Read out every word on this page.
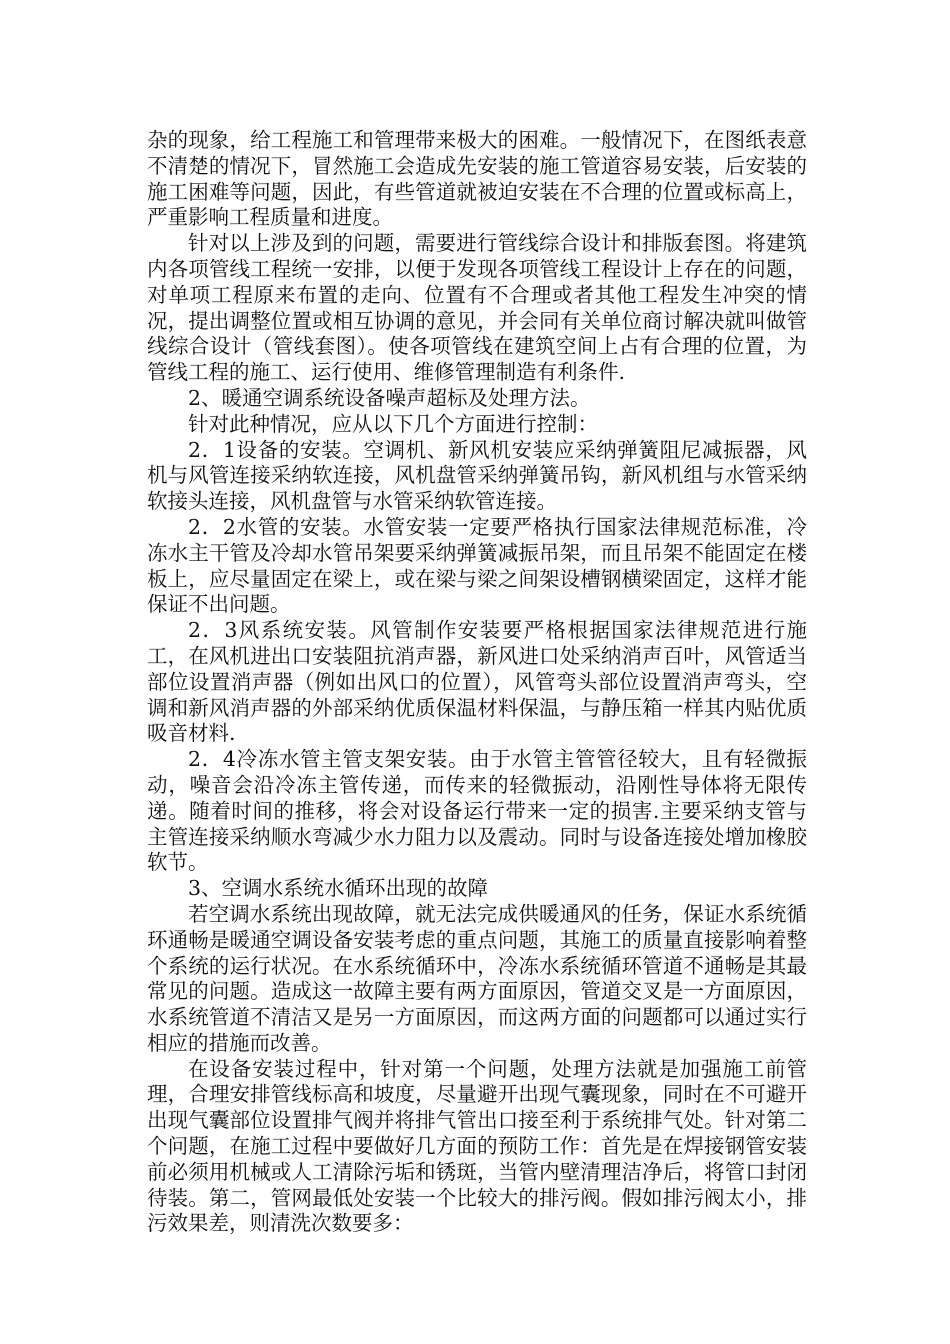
杂的现象，给工程施工和管理带来极大的困难。一般情况下，在图纸表意不清楚的情况下，冒然施工会造成先安装的施工管道容易安装，后安装的施工困难等问题，因此，有些管道就被迫安装在不合理的位置或标高上，严重影响工程质量和进度。

针对以上涉及到的问题，需要进行管线综合设计和排版套图。将建筑内各项管线工程统一安排，以便于发现各项管线工程设计上存在的问题，对单项工程原来布置的走向、位置有不合理或者其他工程发生冲突的情况，提出调整位置或相互协调的意见，并会同有关单位商讨解决就叫做管线综合设计（管线套图）。使各项管线在建筑空间上占有合理的位置，为管线工程的施工、运行使用、维修管理制造有利条件.

2、暖通空调系统设备噪声超标及处理方法。

针对此种情况，应从以下几个方面进行控制：

2．1设备的安装。空调机、新风机安装应采纳弹簧阻尼减振器，风机与风管连接采纳软连接，风机盘管采纳弹簧吊钩，新风机组与水管采纳软接头连接，风机盘管与水管采纳软管连接。

2．2水管的安装。水管安装一定要严格执行国家法律规范标准，冷冻水主干管及冷却水管吊架要采纳弹簧减振吊架，而且吊架不能固定在楼板上，应尽量固定在梁上，或在梁与梁之间架设槽钢横梁固定，这样才能保证不出问题。

2．3风系统安装。风管制作安装要严格根据国家法律规范进行施工，在风机进出口安装阻抗消声器，新风进口处采纳消声百叶，风管适当部位设置消声器（例如出风口的位置），风管弯头部位设置消声弯头，空调和新风消声器的外部采纳优质保温材料保温，与静压箱一样其内贴优质吸音材料.

2．4冷冻水管主管支架安装。由于水管主管管径较大，且有轻微振动，噪音会沿冷冻主管传递，而传来的轻微振动，沿刚性导体将无限传递。随着时间的推移，将会对设备运行带来一定的损害.主要采纳支管与主管连接采纳顺水弯减少水力阻力以及震动。同时与设备连接处增加橡胶软节。

3、空调水系统水循环出现的故障

若空调水系统出现故障，就无法完成供暖通风的任务，保证水系统循环通畅是暖通空调设备安装考虑的重点问题，其施工的质量直接影响着整个系统的运行状况。在水系统循环中，冷冻水系统循环管道不通畅是其最常见的问题。造成这一故障主要有两方面原因，管道交叉是一方面原因，水系统管道不清洁又是另一方面原因，而这两方面的问题都可以通过实行相应的措施而改善。

在设备安装过程中，针对第一个问题，处理方法就是加强施工前管理，合理安排管线标高和坡度，尽量避开出现气囊现象，同时在不可避开出现气囊部位设置排气阀并将排气管出口接至利于系统排气处。针对第二个问题，在施工过程中要做好几方面的预防工作：首先是在焊接钢管安装前必须用机械或人工清除污垢和锈斑，当管内壁清理洁净后，将管口封闭待装。第二，管网最低处安装一个比较大的排污阀。假如排污阀太小，排污效果差，则清洗次数要多：
